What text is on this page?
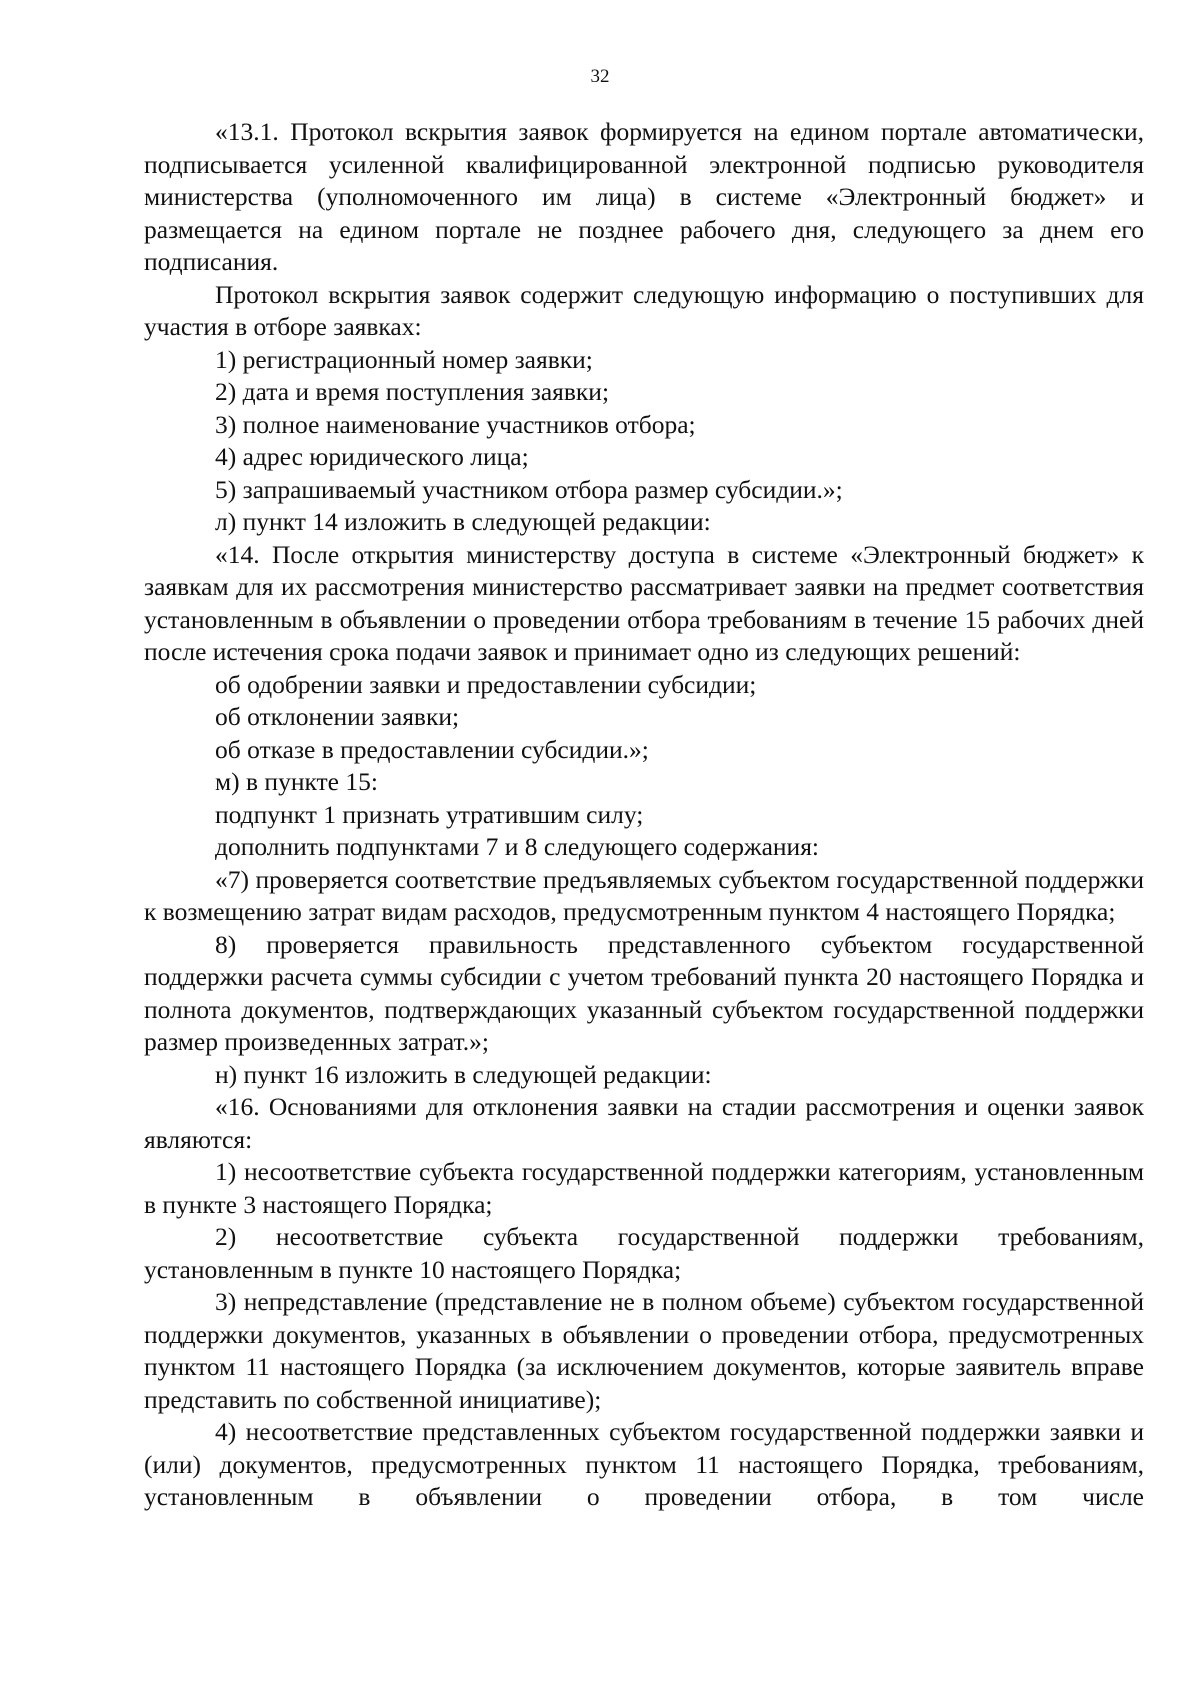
32

«13.1. Протокол вскрытия заявок формируется на едином портале автоматически, подписывается усиленной квалифицированной электронной подписью руководителя министерства (уполномоченного им лица) в системе «Электронный бюджет» и размещается на едином портале не позднее рабочего дня, следующего за днем его подписания.

Протокол вскрытия заявок содержит следующую информацию о поступивших для участия в отборе заявках:

1) регистрационный номер заявки;

2) дата и время поступления заявки;

3) полное наименование участников отбора;

4) адрес юридического лица;

5) запрашиваемый участником отбора размер субсидии.»;

л) пункт 14 изложить в следующей редакции:

«14. После открытия министерству доступа в системе «Электронный бюджет» к заявкам для их рассмотрения министерство рассматривает заявки на предмет соответствия установленным в объявлении о проведении отбора требованиям в течение 15 рабочих дней после истечения срока подачи заявок и принимает одно из следующих решений:

об одобрении заявки и предоставлении субсидии;

об отклонении заявки;

об отказе в предоставлении субсидии.»;

м) в пункте 15:

подпункт 1 признать утратившим силу;

дополнить подпунктами 7 и 8 следующего содержания:

«7) проверяется соответствие предъявляемых субъектом государственной поддержки к возмещению затрат видам расходов, предусмотренным пунктом 4 настоящего Порядка;

8) проверяется правильность представленного субъектом государственной поддержки расчета суммы субсидии с учетом требований пункта 20 настоящего Порядка и полнота документов, подтверждающих указанный субъектом государственной поддержки размер произведенных затрат.»;

н) пункт 16 изложить в следующей редакции:

«16. Основаниями для отклонения заявки на стадии рассмотрения и оценки заявок являются:

1) несоответствие субъекта государственной поддержки категориям, установленным в пункте 3 настоящего Порядка;

2) несоответствие субъекта государственной поддержки требованиям, установленным в пункте 10 настоящего Порядка;

3) непредставление (представление не в полном объеме) субъектом государственной поддержки документов, указанных в объявлении о проведении отбора, предусмотренных пунктом 11 настоящего Порядка (за исключением документов, которые заявитель вправе представить по собственной инициативе);

4) несоответствие представленных субъектом государственной поддержки заявки и (или) документов, предусмотренных пунктом 11 настоящего Порядка, требованиям, установленным в объявлении о проведении отбора, в том числе
